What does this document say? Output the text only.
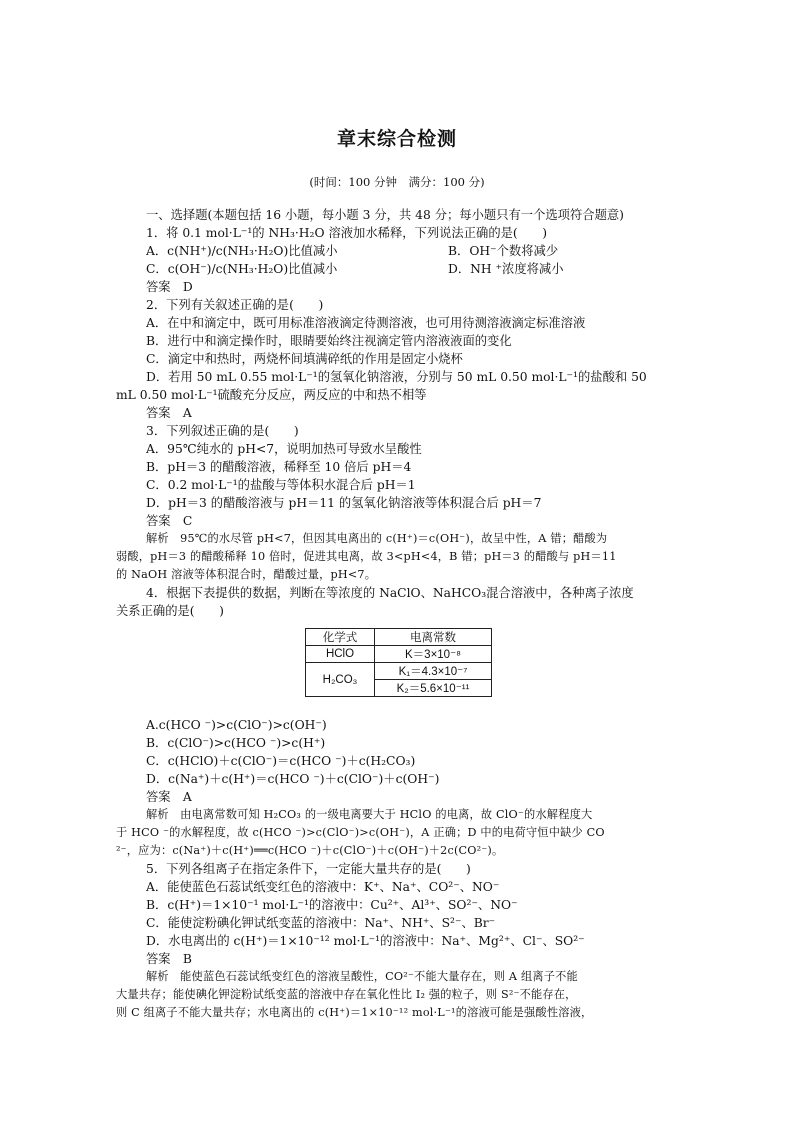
章末综合检测
(时间：100 分钟　满分：100 分)
一、选择题(本题包括 16 小题，每小题 3 分，共 48 分；每小题只有一个选项符合题意)
1．将 0.1 mol·L⁻¹的 NH₃·H₂O 溶液加水稀释，下列说法正确的是(　　)
A．c(NH⁺)/c(NH₃·H₂O)比值减小	B．OH⁻个数将减少
C．c(OH⁻)/c(NH₃·H₂O)比值减小	D．NH ⁺浓度将减小
答案　D
2．下列有关叙述正确的是(　　)
A．在中和滴定中，既可用标准溶液滴定待测溶液，也可用待测溶液滴定标准溶液
B．进行中和滴定操作时，眼睛要始终注视滴定管内溶液液面的变化
C．滴定中和热时，两烧杯间填满碎纸的作用是固定小烧杯
D．若用 50 mL 0.55 mol·L⁻¹的氢氧化钠溶液，分别与 50 mL 0.50 mol·L⁻¹的盐酸和 50
mL 0.50 mol·L⁻¹硫酸充分反应，两反应的中和热不相等
答案　A
3．下列叙述正确的是(　　)
A．95℃纯水的 pH<7，说明加热可导致水呈酸性
B．pH＝3 的醋酸溶液，稀释至 10 倍后 pH＝4
C．0.2 mol·L⁻¹的盐酸与等体积水混合后 pH＝1
D．pH＝3 的醋酸溶液与 pH＝11 的氢氧化钠溶液等体积混合后 pH＝7
答案　C
解析　95℃的水尽管 pH<7，但因其电离出的 c(H⁺)＝c(OH⁻)，故呈中性，A 错；醋酸为
弱酸，pH＝3 的醋酸稀释 10 倍时，促进其电离，故 3<pH<4，B 错；pH＝3 的醋酸与 pH＝11
的 NaOH 溶液等体积混合时，醋酸过量，pH<7。
4．根据下表提供的数据，判断在等浓度的 NaClO、NaHCO₃混合溶液中，各种离子浓度
关系正确的是(　　)
化学式	电离常数
HClO	K＝3×10⁻⁸
H₂CO₃	K₁＝4.3×10⁻⁷
	K₂＝5.6×10⁻¹¹
A.c(HCO ⁻)>c(ClO⁻)>c(OH⁻)
B．c(ClO⁻)>c(HCO ⁻)>c(H⁺)
C．c(HClO)＋c(ClO⁻)＝c(HCO ⁻)＋c(H₂CO₃)
D．c(Na⁺)＋c(H⁺)＝c(HCO ⁻)＋c(ClO⁻)＋c(OH⁻)
答案　A
解析　由电离常数可知 H₂CO₃ 的一级电离要大于 HClO 的电离，故 ClO⁻的水解程度大
于 HCO ⁻的水解程度，故 c(HCO ⁻)>c(ClO⁻)>c(OH⁻)，A 正确；D 中的电荷守恒中缺少 CO
²⁻，应为：c(Na⁺)＋c(H⁺)══c(HCO ⁻)＋c(ClO⁻)＋c(OH⁻)＋2c(CO²⁻)。
5．下列各组离子在指定条件下，一定能大量共存的是(　　)
A．能使蓝色石蕊试纸变红色的溶液中：K⁺、Na⁺、CO²⁻、NO⁻
B．c(H⁺)＝1×10⁻¹ mol·L⁻¹的溶液中：Cu²⁺、Al³⁺、SO²⁻、NO⁻
C．能使淀粉碘化钾试纸变蓝的溶液中：Na⁺、NH⁺、S²⁻、Br⁻
D．水电离出的 c(H⁺)＝1×10⁻¹² mol·L⁻¹的溶液中：Na⁺、Mg²⁺、Cl⁻、SO²⁻
答案　B
解析　能使蓝色石蕊试纸变红色的溶液呈酸性，CO²⁻不能大量存在，则 A 组离子不能
大量共存；能使碘化钾淀粉试纸变蓝的溶液中存在氧化性比 I₂ 强的粒子，则 S²⁻不能存在，
则 C 组离子不能大量共存；水电离出的 c(H⁺)＝1×10⁻¹² mol·L⁻¹的溶液可能是强酸性溶液，
